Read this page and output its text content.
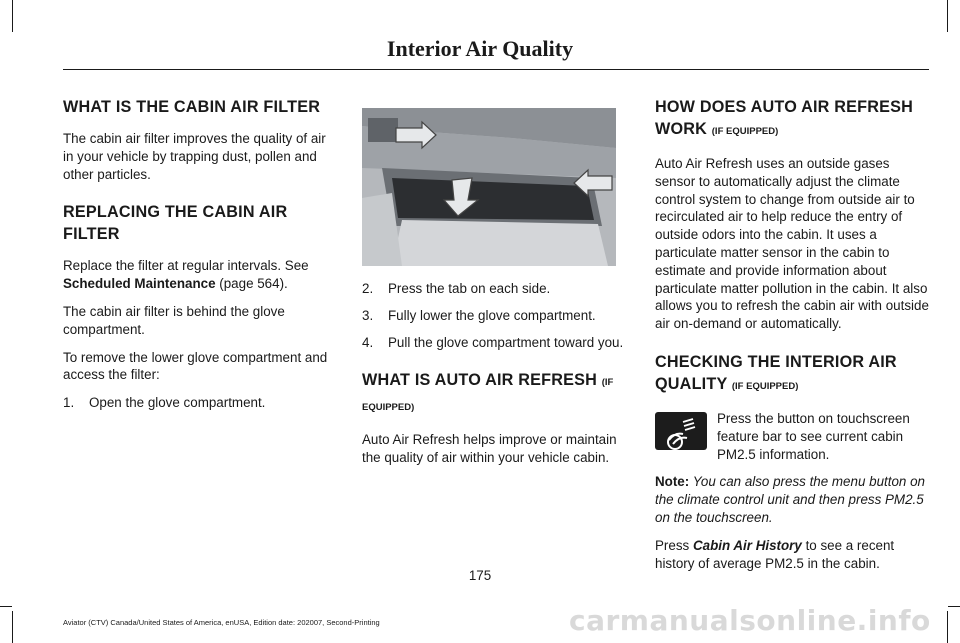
Interior Air Quality
WHAT IS THE CABIN AIR FILTER

The cabin air filter improves the quality of air in your vehicle by trapping dust, pollen and other particles.

REPLACING THE CABIN AIR FILTER

Replace the filter at regular intervals. See Scheduled Maintenance (page 564).

The cabin air filter is behind the glove compartment.

To remove the lower glove compartment and access the filter:

1.	Open the glove compartment.
2.	Press the tab on each side.
3.	Fully lower the glove compartment.
4.	Pull the glove compartment toward you.
WHAT IS AUTO AIR REFRESH (IF EQUIPPED)

Auto Air Refresh helps improve or maintain the quality of air within your vehicle cabin.

HOW DOES AUTO AIR REFRESH WORK (IF EQUIPPED)

Auto Air Refresh uses an outside gases sensor to automatically adjust the climate control system to change from outside air to recirculated air to help reduce the entry of outside odors into the cabin. It uses a particulate matter sensor in the cabin to estimate and provide information about particulate matter pollution in the cabin. It also allows you to refresh the cabin air with outside air on-demand or automatically.

CHECKING THE INTERIOR AIR QUALITY (IF EQUIPPED)
Press the button on touchscreen feature bar to see current cabin PM2.5 information.

Note: You can also press the menu button on the climate control unit and then press PM2.5 on the touchscreen.

Press Cabin Air History to see a recent history of average PM2.5 in the cabin.

175
Aviator (CTV) Canada/United States of America, enUSA, Edition date: 202007, Second-Printing	carmanualsonline.info
